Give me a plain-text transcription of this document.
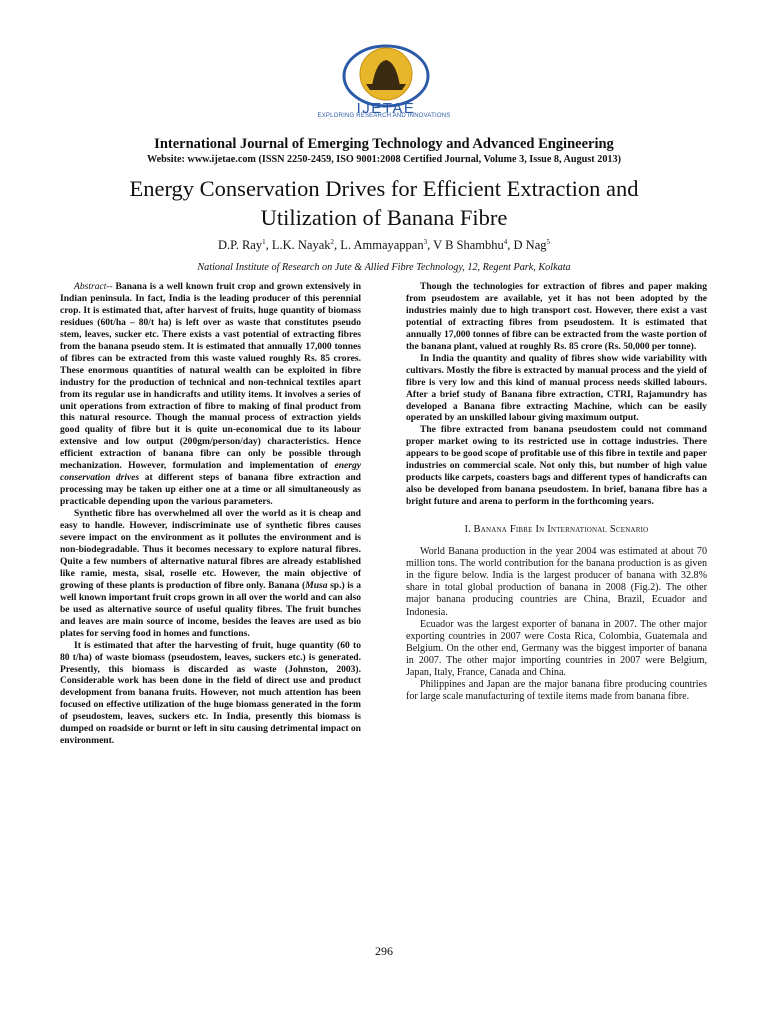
IJETAE
EXPLORING RESEARCH AND INNOVATIONS
International Journal of Emerging Technology and Advanced Engineering
Website: www.ijetae.com (ISSN 2250-2459, ISO 9001:2008 Certified Journal, Volume 3, Issue 8, August 2013)
Energy Conservation Drives for Efficient Extraction and
Utilization of Banana Fibre
D.P. Ray$^1$, L.K. Nayak$^2$, L. Ammayappan$^3$, V B Shambhu$^4$, D Nag$^5$
National Institute of Research on Jute & Allied Fibre Technology, 12, Regent Park, Kolkata

Abstract-- Banana is a well known fruit crop and grown extensively in Indian peninsula. In fact, India is the leading producer of this perennial crop. It is estimated that, after harvest of fruits, huge quantity of biomass residues (60t/ha – 80/t ha) is left over as waste that constitutes pseudo stem, leaves, sucker etc. There exists a vast potential of extracting fibres from the banana pseudo stem. It is estimated that annually 17,000 tonnes of fibres can be extracted from this waste valued roughly Rs. 85 crores. These enormous quantities of natural wealth can be exploited in fibre industry for the production of technical and non-technical textiles apart from its regular use in handicrafts and utility items. It involves a series of unit operations from extraction of fibre to making of final product from this natural resource. Though the manual process of extraction yields good quality of fibre but it is quite un-economical due to its labour extensive and low output (200gm/person/day) characteristics. Hence efficient extraction of banana fibre can only be possible through mechanization. However, formulation and implementation of energy conservation drives at different steps of banana fibre extraction and processing may be taken up either one at a time or all simultaneously as practicable depending upon the various parameters.

Synthetic fibre has overwhelmed all over the world as it is cheap and easy to handle. However, indiscriminate use of synthetic fibres causes severe impact on the environment as it pollutes the environment and is non-biodegradable. Thus it becomes necessary to explore natural fibres. Quite a few numbers of alternative natural fibres are already established like ramie, mesta, sisal, roselle etc. However, the main objective of growing of these plants is production of fibre only. Banana (Musa sp.) is a well known important fruit crops grown in all over the world and can also be used as alternative source of useful quality fibres. The fruit bunches and leaves are main source of income, besides the leaves are used as bio plates for serving food in homes and functions.

It is estimated that after the harvesting of fruit, huge quantity (60 to 80 t/ha) of waste biomass (pseudostem, leaves, suckers etc.) is generated. Presently, this biomass is discarded as waste (Johnston, 2003). Considerable work has been done in the field of direct use and product development from banana fruits. However, not much attention has been focused on effective utilization of the huge biomass generated in the form of pseudostem, leaves, suckers etc. In India, presently this biomass is dumped on roadside or burnt or left in situ causing detrimental impact on environment.

Though the technologies for extraction of fibres and paper making from pseudostem are available, yet it has not been adopted by the industries mainly due to high transport cost. However, there exist a vast potential of extracting fibres from pseudostem. It is estimated that annually 17,000 tonnes of fibre can be extracted from the waste portion of the banana plant, valued at roughly Rs. 85 crore (Rs. 50,000 per tonne).

In India the quantity and quality of fibres show wide variability with cultivars. Mostly the fibre is extracted by manual process and the yield of fibre is very low and this kind of manual process needs skilled labours. After a brief study of Banana fibre extraction, CTRI, Rajamundry has developed a Banana fibre extracting Machine, which can be easily operated by an unskilled labour giving maximum output.

The fibre extracted from banana pseudostem could not command proper market owing to its restricted use in cottage industries. There appears to be good scope of profitable use of this fibre in textile and paper industries on commercial scale. Not only this, but number of high value products like carpets, coasters bags and different types of handicrafts can also be developed from banana pseudostem. In brief, banana fibre has a bright future and arena to perform in the forthcoming years.

I. Banana Fibre In International Scenario

World Banana production in the year 2004 was estimated at about 70 million tons. The world contribution for the banana production is as given in the figure below. India is the largest producer of banana with 32.8% share in total global production of banana in 2008 (Fig.2). The other major banana producing countries are China, Brazil, Ecuador and Indonesia.

Ecuador was the largest exporter of banana in 2007. The other major exporting countries in 2007 were Costa Rica, Colombia, Guatemala and Belgium. On the other end, Germany was the biggest importer of banana in 2007. The other major importing countries in 2007 were Belgium, Japan, Italy, France, Canada and China.

Philippines and Japan are the major banana fibre producing countries for large scale manufacturing of textile items made from banana fibre.

296
